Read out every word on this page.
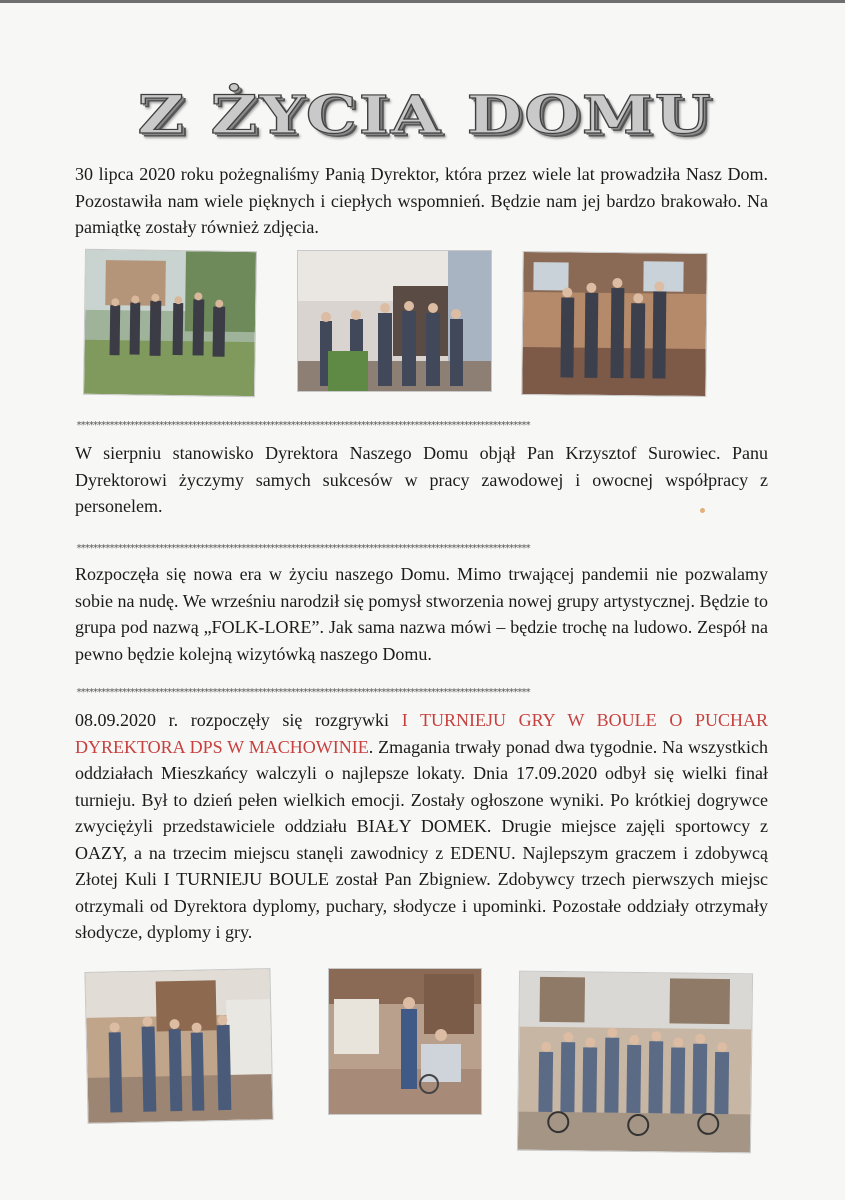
Z ŻYCIA DOMU
30 lipca 2020 roku pożegnaliśmy Panią Dyrektor, która przez wiele lat prowadziła Nasz Dom. Pozostawiła nam wiele pięknych i ciepłych wspomnień. Będzie nam jej bardzo brakowało. Na pamiątkę zostały również zdjęcia.
**************************************************************************************************************
W sierpniu stanowisko Dyrektora Naszego Domu objął Pan Krzysztof Surowiec. Panu Dyrektorowi życzymy samych sukcesów w pracy zawodowej i owocnej współpracy z personelem.
**************************************************************************************************************
Rozpoczęła się nowa era w życiu naszego Domu. Mimo trwającej pandemii nie pozwalamy sobie na nudę. We wrześniu narodził się pomysł stworzenia nowej grupy artystycznej. Będzie to grupa pod nazwą „FOLK-LORE”. Jak sama nazwa mówi – będzie trochę na ludowo. Zespół na pewno będzie kolejną wizytówką naszego Domu.
**************************************************************************************************************
08.09.2020 r. rozpoczęły się rozgrywki I TURNIEJU GRY W BOULE O PUCHAR DYREKTORA DPS W MACHOWINIE. Zmagania trwały ponad dwa tygodnie. Na wszystkich oddziałach Mieszkańcy walczyli o najlepsze lokaty. Dnia 17.09.2020 odbył się wielki finał turnieju. Był to dzień pełen wielkich emocji. Zostały ogłoszone wyniki. Po krótkiej dogrywce zwyciężyli przedstawiciele oddziału BIAŁY DOMEK. Drugie miejsce zajęli sportowcy z OAZY, a na trzecim miejscu stanęli zawodnicy z EDENU. Najlepszym graczem i zdobywcą Złotej Kuli I TURNIEJU BOULE został Pan Zbigniew. Zdobywcy trzech pierwszych miejsc otrzymali od Dyrektora dyplomy, puchary, słodycze i upominki. Pozostałe oddziały otrzymały słodycze, dyplomy i gry.
